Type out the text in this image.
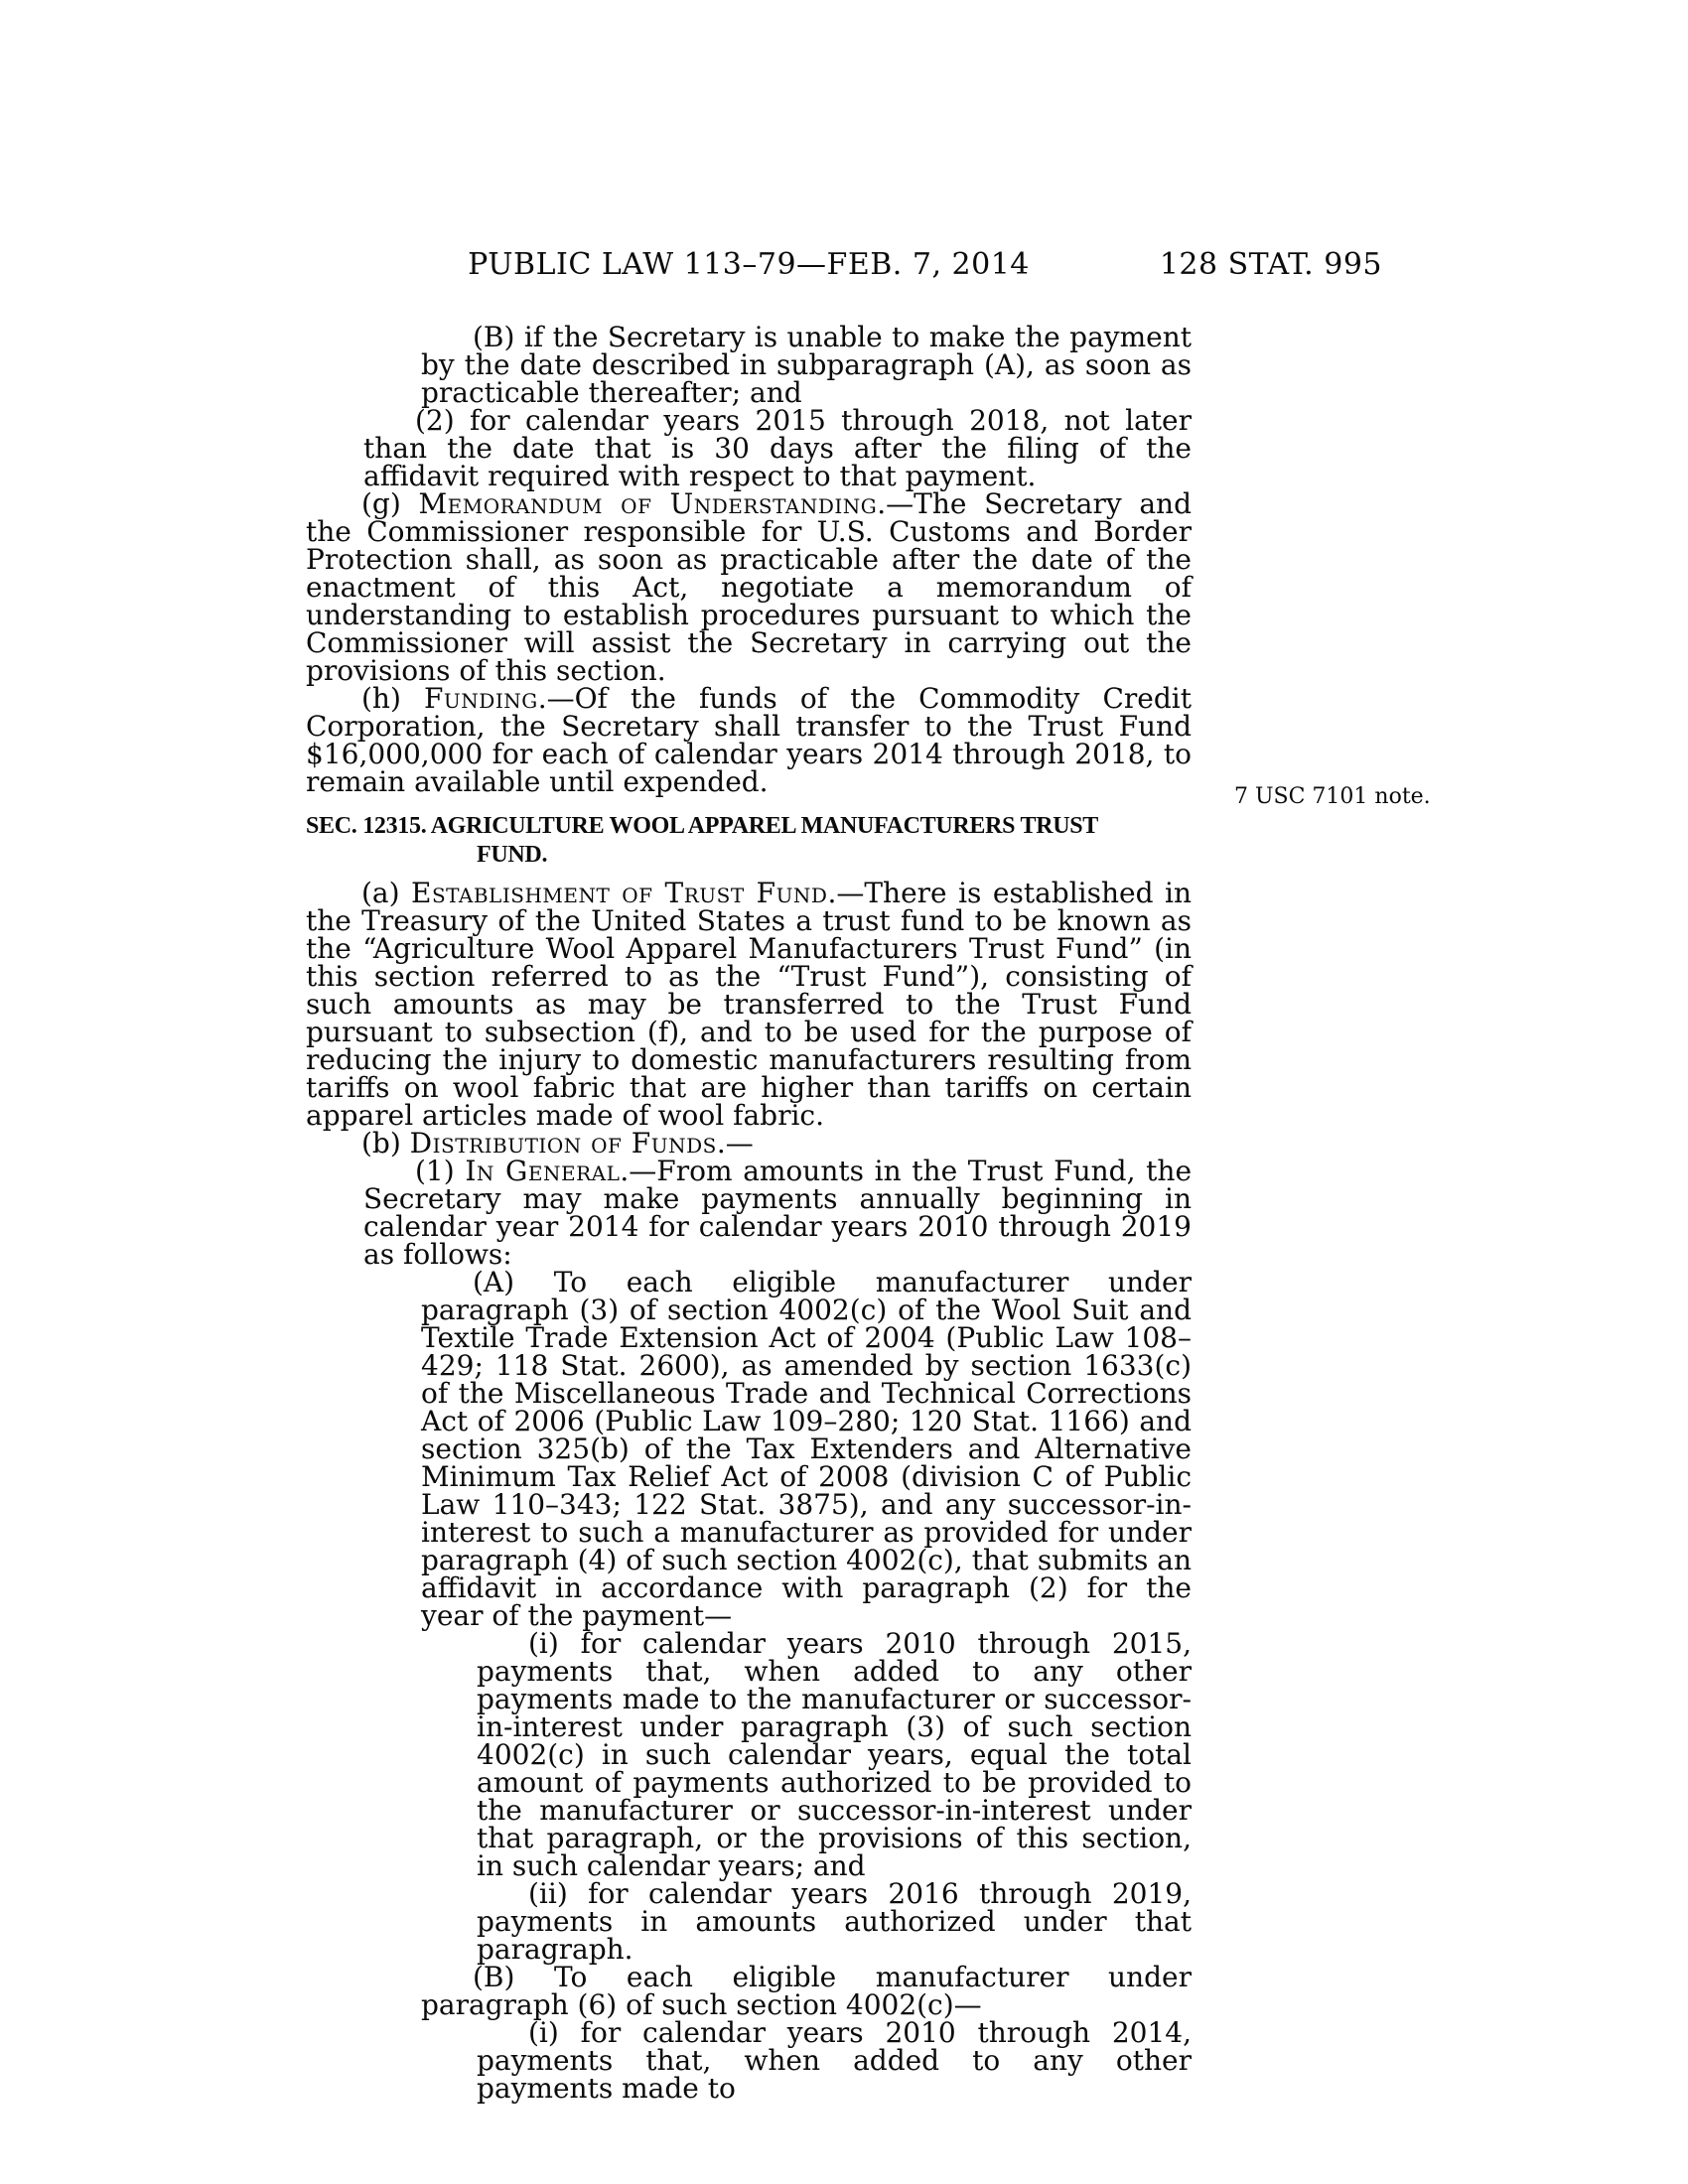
PUBLIC LAW 113–79—FEB. 7, 2014	128 STAT. 995
7 USC 7101 note.

(B) if the Secretary is unable to make the payment by the date described in subparagraph (A), as soon as practicable thereafter; and

(2) for calendar years 2015 through 2018, not later than the date that is 30 days after the filing of the affidavit required with respect to that payment.

(g) Memorandum of Understanding.—The Secretary and the Commissioner responsible for U.S. Customs and Border Protection shall, as soon as practicable after the date of the enactment of this Act, negotiate a memorandum of understanding to establish procedures pursuant to which the Commissioner will assist the Secretary in carrying out the provisions of this section.

(h) Funding.—Of the funds of the Commodity Credit Corporation, the Secretary shall transfer to the Trust Fund $16,000,000 for each of calendar years 2014 through 2018, to remain available until expended.

SEC. 12315. AGRICULTURE WOOL APPAREL MANUFACTURERS TRUST
FUND.

(a) Establishment of Trust Fund.—There is established in the Treasury of the United States a trust fund to be known as the “Agriculture Wool Apparel Manufacturers Trust Fund” (in this section referred to as the “Trust Fund”), consisting of such amounts as may be transferred to the Trust Fund pursuant to subsection (f), and to be used for the purpose of reducing the injury to domestic manufacturers resulting from tariffs on wool fabric that are higher than tariffs on certain apparel articles made of wool fabric.

(b) Distribution of Funds.—

(1) In General.—From amounts in the Trust Fund, the Secretary may make payments annually beginning in calendar year 2014 for calendar years 2010 through 2019 as follows:

(A) To each eligible manufacturer under paragraph (3) of section 4002(c) of the Wool Suit and Textile Trade Extension Act of 2004 (Public Law 108–429; 118 Stat. 2600), as amended by section 1633(c) of the Miscellaneous Trade and Technical Corrections Act of 2006 (Public Law 109–280; 120 Stat. 1166) and section 325(b) of the Tax Extenders and Alternative Minimum Tax Relief Act of 2008 (division C of Public Law 110–343; 122 Stat. 3875), and any successor-in-interest to such a manufacturer as provided for under paragraph (4) of such section 4002(c), that submits an affidavit in accordance with paragraph (2) for the year of the payment—

(i) for calendar years 2010 through 2015, payments that, when added to any other payments made to the manufacturer or successor-in-interest under paragraph (3) of such section 4002(c) in such calendar years, equal the total amount of payments authorized to be provided to the manufacturer or successor-in-interest under that paragraph, or the provisions of this section, in such calendar years; and

(ii) for calendar years 2016 through 2019, payments in amounts authorized under that paragraph.

(B) To each eligible manufacturer under paragraph (6) of such section 4002(c)—

(i) for calendar years 2010 through 2014, payments that, when added to any other payments made to
